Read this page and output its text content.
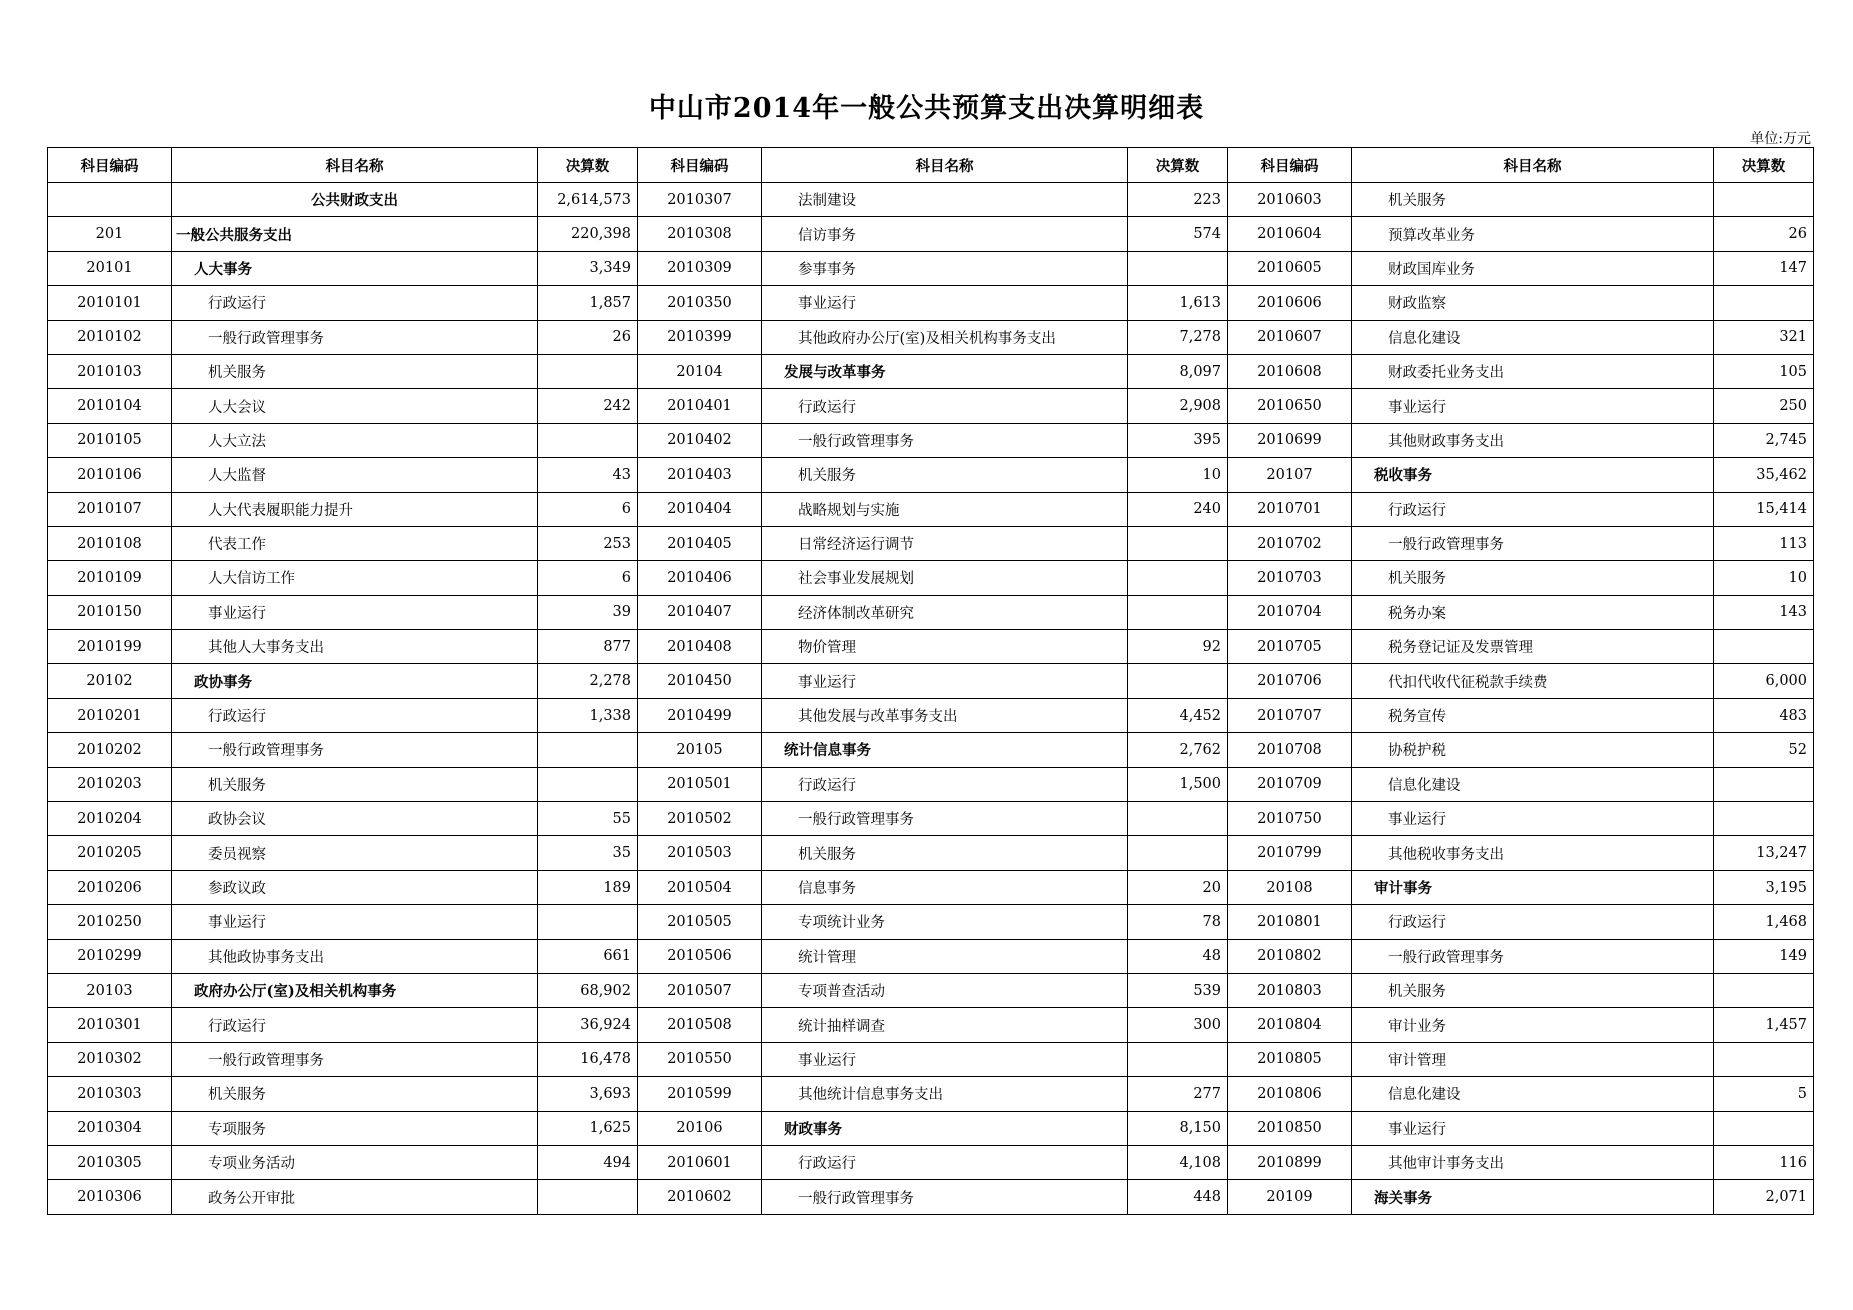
中山市2014年一般公共预算支出决算明细表
单位:万元
科目编码	科目名称	决算数	科目编码	科目名称	决算数	科目编码	科目名称	决算数
	公共财政支出	2,614,573	2010307	法制建设	223	2010603	机关服务	
201	一般公共服务支出	220,398	2010308	信访事务	574	2010604	预算改革业务	26
20101	人大事务	3,349	2010309	参事事务		2010605	财政国库业务	147
2010101	行政运行	1,857	2010350	事业运行	1,613	2010606	财政监察	
2010102	一般行政管理事务	26	2010399	其他政府办公厅(室)及相关机构事务支出	7,278	2010607	信息化建设	321
2010103	机关服务		20104	发展与改革事务	8,097	2010608	财政委托业务支出	105
2010104	人大会议	242	2010401	行政运行	2,908	2010650	事业运行	250
2010105	人大立法		2010402	一般行政管理事务	395	2010699	其他财政事务支出	2,745
2010106	人大监督	43	2010403	机关服务	10	20107	税收事务	35,462
2010107	人大代表履职能力提升	6	2010404	战略规划与实施	240	2010701	行政运行	15,414
2010108	代表工作	253	2010405	日常经济运行调节		2010702	一般行政管理事务	113
2010109	人大信访工作	6	2010406	社会事业发展规划		2010703	机关服务	10
2010150	事业运行	39	2010407	经济体制改革研究		2010704	税务办案	143
2010199	其他人大事务支出	877	2010408	物价管理	92	2010705	税务登记证及发票管理	
20102	政协事务	2,278	2010450	事业运行		2010706	代扣代收代征税款手续费	6,000
2010201	行政运行	1,338	2010499	其他发展与改革事务支出	4,452	2010707	税务宣传	483
2010202	一般行政管理事务		20105	统计信息事务	2,762	2010708	协税护税	52
2010203	机关服务		2010501	行政运行	1,500	2010709	信息化建设	
2010204	政协会议	55	2010502	一般行政管理事务		2010750	事业运行	
2010205	委员视察	35	2010503	机关服务		2010799	其他税收事务支出	13,247
2010206	参政议政	189	2010504	信息事务	20	20108	审计事务	3,195
2010250	事业运行		2010505	专项统计业务	78	2010801	行政运行	1,468
2010299	其他政协事务支出	661	2010506	统计管理	48	2010802	一般行政管理事务	149
20103	政府办公厅(室)及相关机构事务	68,902	2010507	专项普查活动	539	2010803	机关服务	
2010301	行政运行	36,924	2010508	统计抽样调查	300	2010804	审计业务	1,457
2010302	一般行政管理事务	16,478	2010550	事业运行		2010805	审计管理	
2010303	机关服务	3,693	2010599	其他统计信息事务支出	277	2010806	信息化建设	5
2010304	专项服务	1,625	20106	财政事务	8,150	2010850	事业运行	
2010305	专项业务活动	494	2010601	行政运行	4,108	2010899	其他审计事务支出	116
2010306	政务公开审批		2010602	一般行政管理事务	448	20109	海关事务	2,071
